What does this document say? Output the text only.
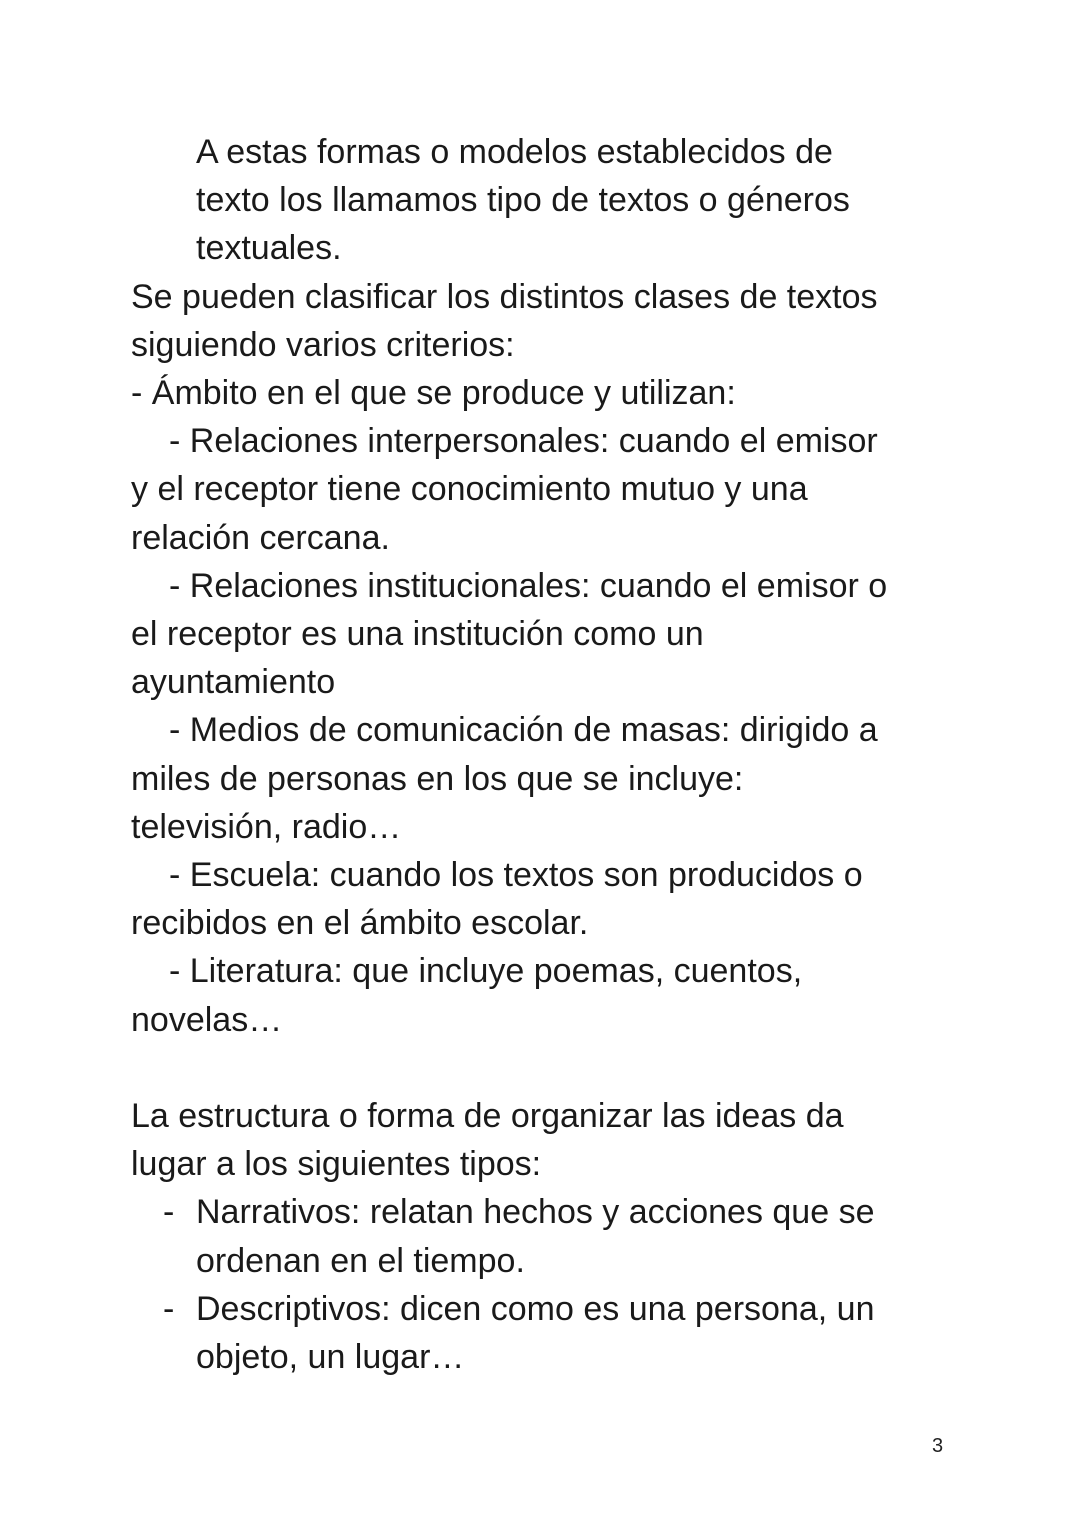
A estas formas o modelos establecidos de
texto los llamamos tipo de textos o géneros
textuales.
Se pueden clasificar los distintos clases de textos
siguiendo varios criterios:
- Ámbito en el que se produce y utilizan:
- Relaciones interpersonales: cuando el emisor
y el receptor tiene conocimiento mutuo y una
relación cercana.
- Relaciones institucionales: cuando el emisor o
el receptor es una institución como un
ayuntamiento
- Medios de comunicación de masas: dirigido a
miles de personas en los que se incluye:
televisión, radio…
- Escuela: cuando los textos son producidos o
recibidos en el ámbito escolar.
- Literatura: que incluye poemas, cuentos,
novelas…
La estructura o forma de organizar las ideas da
lugar a los siguientes tipos:
- Narrativos: relatan hechos y acciones que se
ordenan en el tiempo.
- Descriptivos: dicen como es una persona, un
objeto, un lugar…
3
